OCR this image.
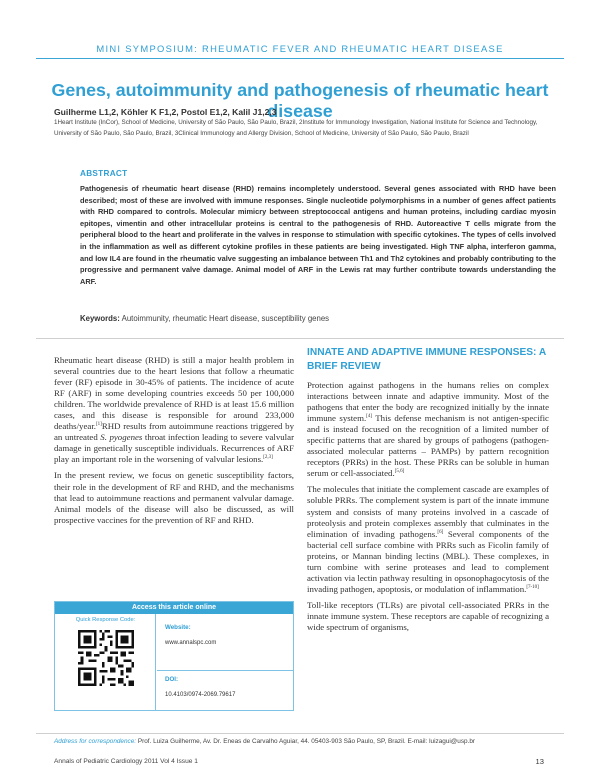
MINI SYMPOSIUM: RHEUMATIC FEVER AND RHEUMATIC HEART DISEASE
Genes, autoimmunity and pathogenesis of rheumatic heart disease
Guilherme L1,2, Köhler K F1,2, Postol E1,2, Kalil J1,2,3
1Heart Institute (InCor), School of Medicine, University of São Paulo, São Paulo, Brazil, 2Institute for Immunology Investigation, National Institute for Science and Technology, University of São Paulo, São Paulo, Brazil, 3Clinical Immunology and Allergy Division, School of Medicine, University of São Paulo, São Paulo, Brazil
ABSTRACT
Pathogenesis of rheumatic heart disease (RHD) remains incompletely understood. Several genes associated with RHD have been described; most of these are involved with immune responses. Single nucleotide polymorphisms in a number of genes affect patients with RHD compared to controls. Molecular mimicry between streptococcal antigens and human proteins, including cardiac myosin epitopes, vimentin and other intracellular proteins is central to the pathogenesis of RHD. Autoreactive T cells migrate from the peripheral blood to the heart and proliferate in the valves in response to stimulation with specific cytokines. The types of cells involved in the inflammation as well as different cytokine profiles in these patients are being investigated. High TNF alpha, interferon gamma, and low IL4 are found in the rheumatic valve suggesting an imbalance between Th1 and Th2 cytokines and probably contributing to the progressive and permanent valve damage. Animal model of ARF in the Lewis rat may further contribute towards understanding the ARF.
Keywords: Autoimmunity, rheumatic Heart disease, susceptibility genes

Rheumatic heart disease (RHD) is still a major health problem in several countries due to the heart lesions that follow a rheumatic fever (RF) episode in 30-45% of patients. The incidence of acute RF (ARF) in some developing countries exceeds 50 per 100,000 children. The worldwide prevalence of RHD is at least 15.6 million cases, and this disease is responsible for around 233,000 deaths/year.[1]RHD results from autoimmune reactions triggered by an untreated S. pyogenes throat infection leading to severe valvular damage in genetically susceptible individuals. Recurrences of ARF play an important role in the worsening of valvular lesions.[2,3]

In the present review, we focus on genetic susceptibility factors, their role in the development of RF and RHD, and the mechanisms that lead to autoimmune reactions and permanent valvular damage. Animal models of the disease will also be discussed, as will prospective vaccines for the prevention of RF and RHD.

Access this article online
Quick Response Code:
Website:
www.annalspc.com
DOI:
10.4103/0974-2069.79617
INNATE AND ADAPTIVE IMMUNE RESPONSES: A BRIEF REVIEW

Protection against pathogens in the humans relies on complex interactions between innate and adaptive immunity. Most of the pathogens that enter the body are recognized initially by the innate immune system.[4] This defense mechanism is not antigen-specific and is instead focused on the recognition of a limited number of specific patterns that are shared by groups of pathogens (pathogen-associated molecular patterns – PAMPs) by pattern recognition receptors (PRRs) in the host. These PRRs can be soluble in human serum or cell-associated.[5,6]

The molecules that initiate the complement cascade are examples of soluble PRRs. The complement system is part of the innate immune system and consists of many proteins involved in a cascade of proteolysis and protein complexes assembly that culminates in the elimination of invading pathogens.[6] Several components of the bacterial cell surface combine with PRRs such as Ficolin family of proteins, or Mannan binding lectins (MBL). These complexes, in turn combine with serine proteases and lead to complement activation via lectin pathway resulting in opsonophagocytosis of the invading pathogen, apoptosis, or modulation of inflammation.[7-10]

Toll-like receptors (TLRs) are pivotal cell-associated PRRs in the innate immune system. These receptors are capable of recognizing a wide spectrum of organisms,

Address for correspondence: Prof. Luiza Guilherme, Av. Dr. Eneas de Carvalho Aguiar, 44. 05403-903 São Paulo, SP, Brazil. E-mail: luizagui@usp.br
Annals of Pediatric Cardiology 2011 Vol 4 Issue 1	13
